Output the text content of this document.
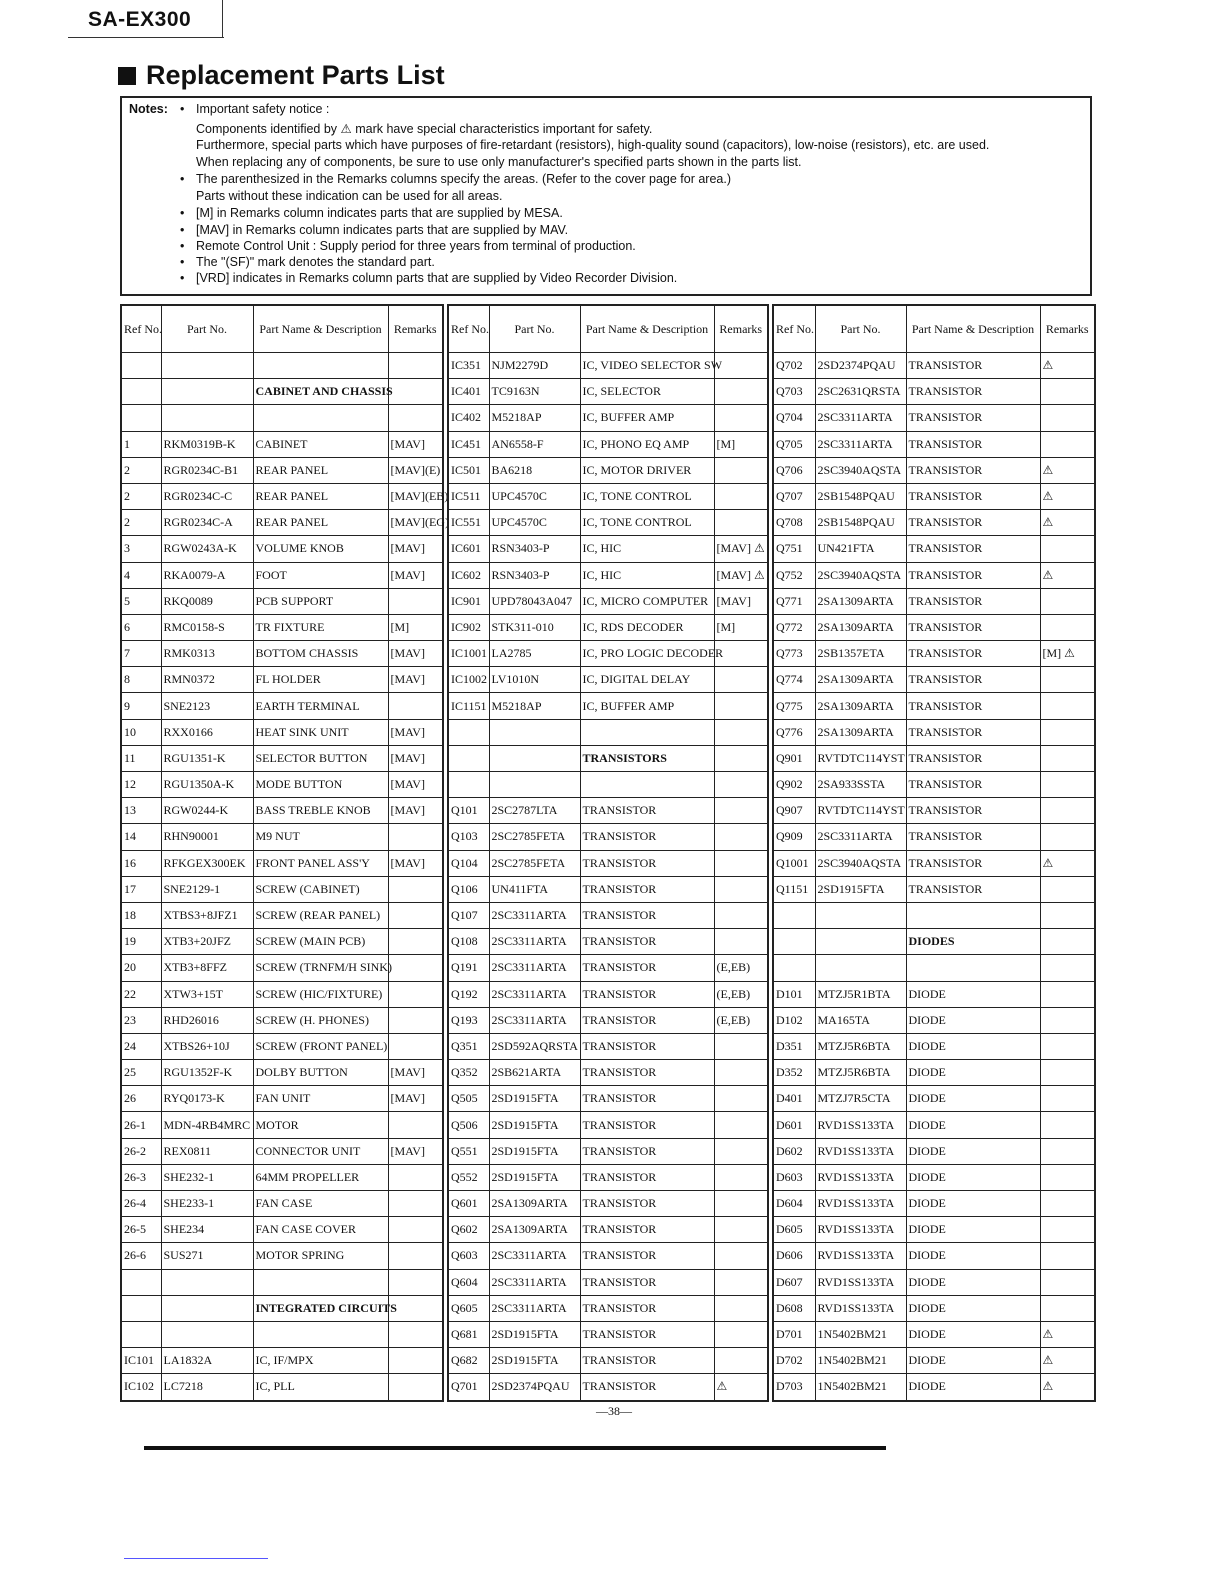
SA-EX300
Replacement Parts List
Notes: • Important safety notice :
Components identified by ⚠ mark have special characteristics important for safety.
Furthermore, special parts which have purposes of fire-retardant (resistors), high-quality sound (capacitors), low-noise (resistors), etc. are used.
When replacing any of components, be sure to use only manufacturer's specified parts shown in the parts list.
• The parenthesized in the Remarks columns specify the areas. (Refer to the cover page for area.)
Parts without these indication can be used for all areas.
• [M] in Remarks column indicates parts that are supplied by MESA.
• [MAV] in Remarks column indicates parts that are supplied by MAV.
• Remote Control Unit : Supply period for three years from terminal of production.
• The "(SF)" mark denotes the standard part.
• [VRD] indicates in Remarks column parts that are supplied by Video Recorder Division.
Ref No.	Part No.	Part Name & Description	Remarks

		CABINET AND CHASSIS	

1	RKM0319B-K	CABINET	[MAV]
2	RGR0234C-B1	REAR PANEL	[MAV](E)
2	RGR0234C-C	REAR PANEL	[MAV](EB)
2	RGR0234C-A	REAR PANEL	[MAV](EG)
3	RGW0243A-K	VOLUME KNOB	[MAV]
4	RKA0079-A	FOOT	[MAV]
5	RKQ0089	PCB SUPPORT	
6	RMC0158-S	TR FIXTURE	[M]
7	RMK0313	BOTTOM CHASSIS	[MAV]
8	RMN0372	FL HOLDER	[MAV]
9	SNE2123	EARTH TERMINAL	
10	RXX0166	HEAT SINK UNIT	[MAV]
11	RGU1351-K	SELECTOR BUTTON	[MAV]
12	RGU1350A-K	MODE BUTTON	[MAV]
13	RGW0244-K	BASS TREBLE KNOB	[MAV]
14	RHN90001	M9 NUT	
16	RFKGEX300EK	FRONT PANEL ASS'Y	[MAV]
17	SNE2129-1	SCREW (CABINET)	
18	XTBS3+8JFZ1	SCREW (REAR PANEL)	
19	XTB3+20JFZ	SCREW (MAIN PCB)	
20	XTB3+8FFZ	SCREW (TRNFM/H SINK)	
22	XTW3+15T	SCREW (HIC/FIXTURE)	
23	RHD26016	SCREW (H. PHONES)	
24	XTBS26+10J	SCREW (FRONT PANEL)	
25	RGU1352F-K	DOLBY BUTTON	[MAV]
26	RYQ0173-K	FAN UNIT	[MAV]
26-1	MDN-4RB4MRC	MOTOR	
26-2	REX0811	CONNECTOR UNIT	[MAV]
26-3	SHE232-1	64MM PROPELLER	
26-4	SHE233-1	FAN CASE	
26-5	SHE234	FAN CASE COVER	
26-6	SUS271	MOTOR SPRING	

		INTEGRATED CIRCUITS	

IC101	LA1832A	IC, IF/MPX	
IC102	LC7218	IC, PLL	
Ref No.	Part No.	Part Name & Description	Remarks
IC351	NJM2279D	IC, VIDEO SELECTOR SW	
IC401	TC9163N	IC, SELECTOR	
IC402	M5218AP	IC, BUFFER AMP	
IC451	AN6558-F	IC, PHONO EQ AMP	[M]
IC501	BA6218	IC, MOTOR DRIVER	
IC511	UPC4570C	IC, TONE CONTROL	
IC551	UPC4570C	IC, TONE CONTROL	
IC601	RSN3403-P	IC, HIC	[MAV] ⚠
IC602	RSN3403-P	IC, HIC	[MAV] ⚠
IC901	UPD78043A047	IC, MICRO COMPUTER	[MAV]
IC902	STK311-010	IC, RDS DECODER	[M]
IC1001	LA2785	IC, PRO LOGIC DECODER	
IC1002	LV1010N	IC, DIGITAL DELAY	
IC1151	M5218AP	IC, BUFFER AMP	

		TRANSISTORS	

Q101	2SC2787LTA	TRANSISTOR	
Q103	2SC2785FETA	TRANSISTOR	
Q104	2SC2785FETA	TRANSISTOR	
Q106	UN411FTA	TRANSISTOR	
Q107	2SC3311ARTA	TRANSISTOR	
Q108	2SC3311ARTA	TRANSISTOR	
Q191	2SC3311ARTA	TRANSISTOR	(E,EB)
Q192	2SC3311ARTA	TRANSISTOR	(E,EB)
Q193	2SC3311ARTA	TRANSISTOR	(E,EB)
Q351	2SD592AQRSTA	TRANSISTOR	
Q352	2SB621ARTA	TRANSISTOR	
Q505	2SD1915FTA	TRANSISTOR	
Q506	2SD1915FTA	TRANSISTOR	
Q551	2SD1915FTA	TRANSISTOR	
Q552	2SD1915FTA	TRANSISTOR	
Q601	2SA1309ARTA	TRANSISTOR	
Q602	2SA1309ARTA	TRANSISTOR	
Q603	2SC3311ARTA	TRANSISTOR	
Q604	2SC3311ARTA	TRANSISTOR	
Q605	2SC3311ARTA	TRANSISTOR	
Q681	2SD1915FTA	TRANSISTOR	
Q682	2SD1915FTA	TRANSISTOR	
Q701	2SD2374PQAU	TRANSISTOR	⚠
Ref No.	Part No.	Part Name & Description	Remarks
Q702	2SD2374PQAU	TRANSISTOR	⚠
Q703	2SC2631QRSTA	TRANSISTOR	
Q704	2SC3311ARTA	TRANSISTOR	
Q705	2SC3311ARTA	TRANSISTOR	
Q706	2SC3940AQSTA	TRANSISTOR	⚠
Q707	2SB1548PQAU	TRANSISTOR	⚠
Q708	2SB1548PQAU	TRANSISTOR	⚠
Q751	UN421FTA	TRANSISTOR	
Q752	2SC3940AQSTA	TRANSISTOR	⚠
Q771	2SA1309ARTA	TRANSISTOR	
Q772	2SA1309ARTA	TRANSISTOR	
Q773	2SB1357ETA	TRANSISTOR	[M] ⚠
Q774	2SA1309ARTA	TRANSISTOR	
Q775	2SA1309ARTA	TRANSISTOR	
Q776	2SA1309ARTA	TRANSISTOR	
Q901	RVTDTC114YST	TRANSISTOR	
Q902	2SA933SSTA	TRANSISTOR	
Q907	RVTDTC114YST	TRANSISTOR	
Q909	2SC3311ARTA	TRANSISTOR	
Q1001	2SC3940AQSTA	TRANSISTOR	⚠
Q1151	2SD1915FTA	TRANSISTOR	

		DIODES	

D101	MTZJ5R1BTA	DIODE	
D102	MA165TA	DIODE	
D351	MTZJ5R6BTA	DIODE	
D352	MTZJ5R6BTA	DIODE	
D401	MTZJ7R5CTA	DIODE	
D601	RVD1SS133TA	DIODE	
D602	RVD1SS133TA	DIODE	
D603	RVD1SS133TA	DIODE	
D604	RVD1SS133TA	DIODE	
D605	RVD1SS133TA	DIODE	
D606	RVD1SS133TA	DIODE	
D607	RVD1SS133TA	DIODE	
D608	RVD1SS133TA	DIODE	
D701	1N5402BM21	DIODE	⚠
D702	1N5402BM21	DIODE	⚠
D703	1N5402BM21	DIODE	⚠
—38—
